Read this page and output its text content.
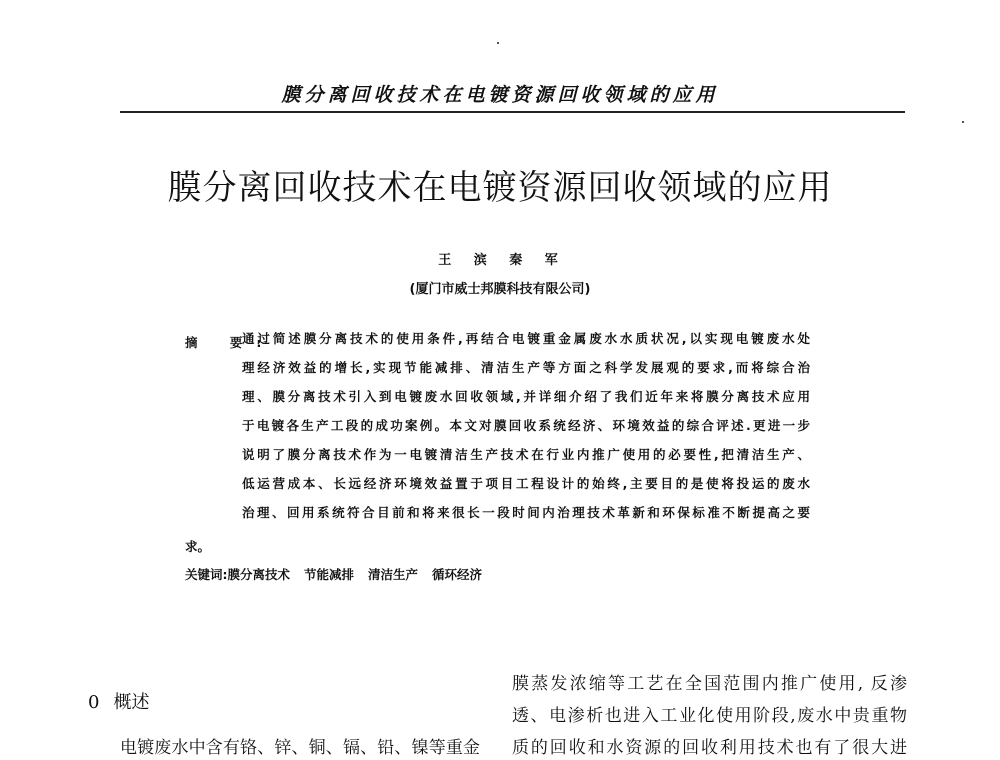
膜分离回收技术在电镀资源回收领域的应用
膜分离回收技术在电镀资源回收领域的应用
王 滨 秦 军
(厦门市威士邦膜科技有限公司)
摘 要:
通过简述膜分离技术的使用条件,再结合电镀重金属废水水质状况,以实现电镀废水处
理经济效益的增长,实现节能减排、清洁生产等方面之科学发展观的要求,而将综合治
理、膜分离技术引入到电镀废水回收领域,并详细介绍了我们近年来将膜分离技术应用
于电镀各生产工段的成功案例。本文对膜回收系统经济、环境效益的综合评述.更进一步
说明了膜分离技术作为一电镀清洁生产技术在行业内推广使用的必要性,把清洁生产、
低运营成本、长远经济环境效益置于项目工程设计的始终,主要目的是使将投运的废水
治理、回用系统符合目前和将来很长一段时间内治理技术革新和环保标准不断提高之要
求。
关键词:膜分离技术 节能减排 清洁生产 循环经济
0 概述
电镀废水中含有铬、锌、铜、镉、铅、镍等重金
膜蒸发浓缩等工艺在全国范围内推广使用, 反渗
透、电渗析也进入工业化使用阶段,废水中贵重物
质的回收和水资源的回收利用技术也有了很大进
